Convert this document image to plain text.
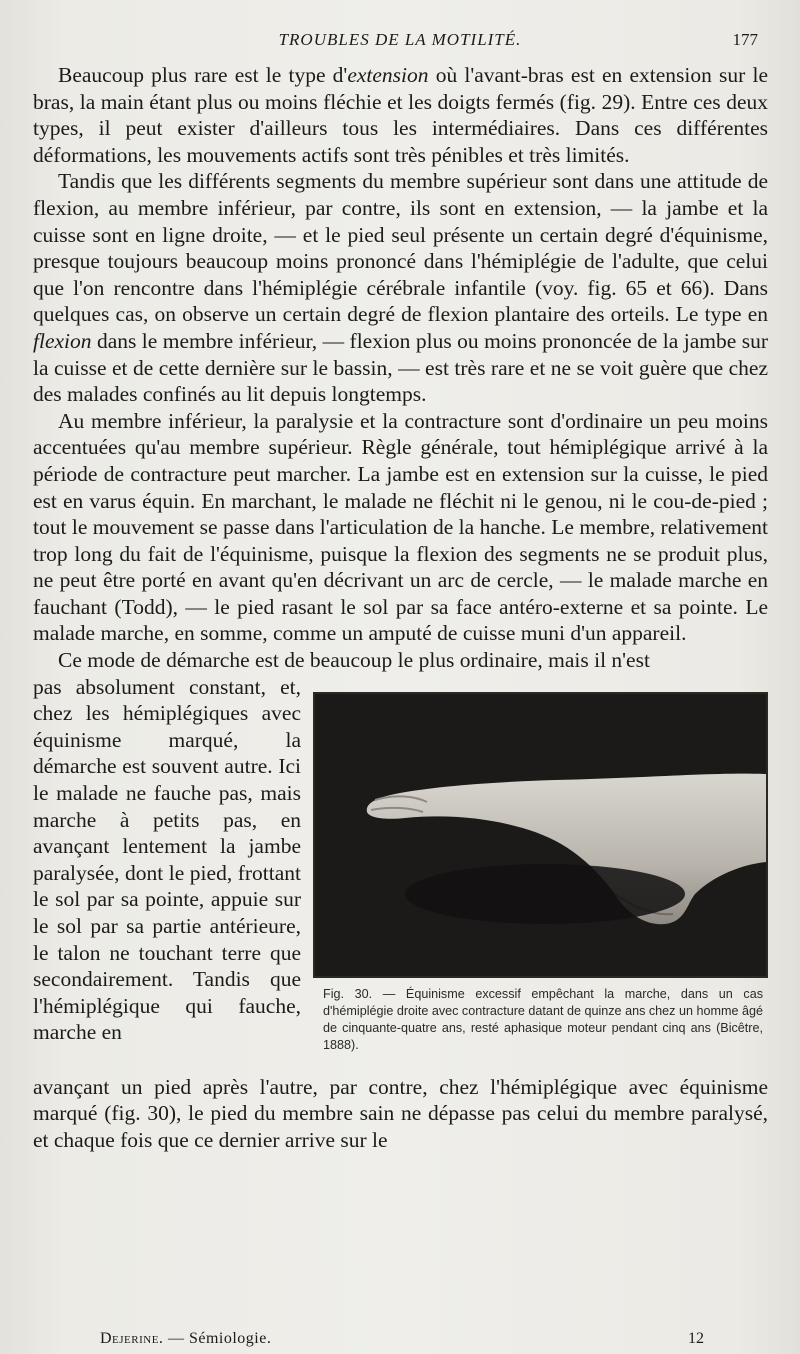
TROUBLES DE LA MOTILITÉ.	177

Beaucoup plus rare est le type d'extension où l'avant-bras est en extension sur le bras, la main étant plus ou moins fléchie et les doigts fermés (fig. 29). Entre ces deux types, il peut exister d'ailleurs tous les intermédiaires. Dans ces différentes déformations, les mouvements actifs sont très pénibles et très limités.

Tandis que les différents segments du membre supérieur sont dans une attitude de flexion, au membre inférieur, par contre, ils sont en extension, — la jambe et la cuisse sont en ligne droite, — et le pied seul présente un certain degré d'équinisme, presque toujours beaucoup moins prononcé dans l'hémiplégie de l'adulte, que celui que l'on rencontre dans l'hémiplégie cérébrale infantile (voy. fig. 65 et 66). Dans quelques cas, on observe un certain degré de flexion plantaire des orteils. Le type en flexion dans le membre inférieur, — flexion plus ou moins prononcée de la jambe sur la cuisse et de cette dernière sur le bassin, — est très rare et ne se voit guère que chez des malades confinés au lit depuis longtemps.

Au membre inférieur, la paralysie et la contracture sont d'ordinaire un peu moins accentuées qu'au membre supérieur. Règle générale, tout hémiplégique arrivé à la période de contracture peut marcher. La jambe est en extension sur la cuisse, le pied est en varus équin. En marchant, le malade ne fléchit ni le genou, ni le cou-de-pied ; tout le mouvement se passe dans l'articulation de la hanche. Le membre, relativement trop long du fait de l'équinisme, puisque la flexion des segments ne se produit plus, ne peut être porté en avant qu'en décrivant un arc de cercle, — le malade marche en fauchant (Todd), — le pied rasant le sol par sa face antéro-externe et sa pointe. Le malade marche, en somme, comme un amputé de cuisse muni d'un appareil.

Ce mode de démarche est de beaucoup le plus ordinaire, mais il n'est

Fig. 30. — Équinisme excessif empêchant la marche, dans un cas d'hémiplégie droite avec contracture datant de quinze ans chez un homme âgé de cinquante-quatre ans, resté aphasique moteur pendant cinq ans (Bicêtre, 1888).

pas absolument constant, et, chez les hémiplégiques avec équinisme marqué, la démarche est souvent autre. Ici le malade ne fauche pas, mais marche à petits pas, en avançant lentement la jambe paralysée, dont le pied, frottant le sol par sa pointe, appuie sur le sol par sa partie antérieure, le talon ne touchant terre que secondairement. Tandis que l'hémiplégique qui fauche, marche en

avançant un pied après l'autre, par contre, chez l'hémiplégique avec équinisme marqué (fig. 30), le pied du membre sain ne dépasse pas celui du membre paralysé, et chaque fois que ce dernier arrive sur le

Dejerine. — Sémiologie.	12
